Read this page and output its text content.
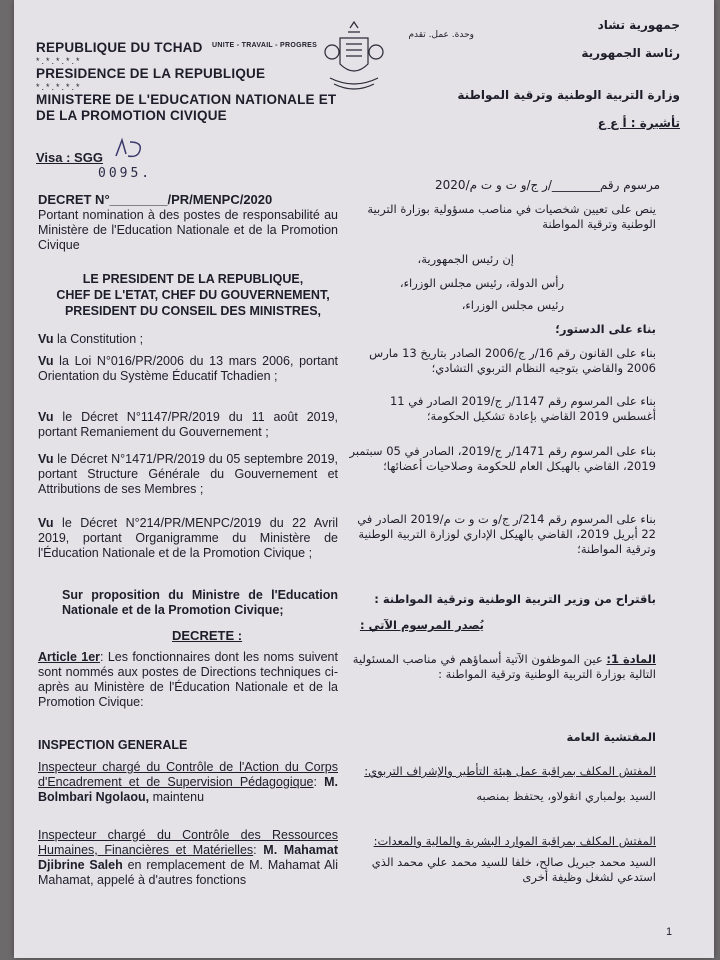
REPUBLIQUE DU TCHAD UNITE - TRAVAIL - PROGRES
*.*.*.*.*
PRESIDENCE DE LA REPUBLIQUE
*.*.*.*.*
MINISTERE DE L'EDUCATION NATIONALE ET
DE LA PROMOTION CIVIQUE
جمهورية تشاد
وحدة. عمل. تقدم
رئاسة الجمهورية
وزارة التربية الوطنية وترقية المواطنة
تأشيرة : أ ع ع
Visa : SGG
0095.
DECRET N°________/PR/MENPC/2020
مرسوم رقم________/ر ج/و ت و ت م/2020
Portant nomination à des postes de responsabilité au Ministère de l'Education Nationale et de la Promotion Civique
ينص على تعيين شخصيات في مناصب مسؤولية بوزارة التربية الوطنية وترقية المواطنة
LE PRESIDENT DE LA REPUBLIQUE,
CHEF DE L'ETAT, CHEF DU GOUVERNEMENT,
PRESIDENT DU CONSEIL DES MINISTRES,
إن رئيس الجمهورية،
رأس الدولة، رئيس مجلس الوزراء،
رئيس مجلس الوزراء،
Vu la Constitution ;
Vu la Loi N°016/PR/2006 du 13 mars 2006, portant Orientation du Système Éducatif Tchadien ;
Vu le Décret N°1147/PR/2019 du 11 août 2019, portant Remaniement du Gouvernement ;
Vu le Décret N°1471/PR/2019 du 05 septembre 2019, portant Structure Générale du Gouvernement et Attributions de ses Membres ;
Vu le Décret N°214/PR/MENPC/2019 du 22 Avril 2019, portant Organigramme du Ministère de l'Éducation Nationale et de la Promotion Civique ;
بناء على الدستور؛
بناء على القانون رقم 16/ر ج/2006 الصادر بتاريخ 13 مارس 2006 والقاضي بتوجيه النظام التربوي التشادي؛
بناء على المرسوم رقم 1147/ر ج/2019 الصادر في 11 أغسطس 2019 القاضي بإعادة تشكيل الحكومة؛
بناء على المرسوم رقم 1471/ر ج/2019، الصادر في 05 سبتمبر 2019، القاضي بالهيكل العام للحكومة وصلاحيات أعضائها؛
بناء على المرسوم رقم 214/ر ج/و ت و ت م/2019 الصادر في 22 أبريل 2019، القاضي بالهيكل الإداري لوزارة التربية الوطنية وترقية المواطنة؛
Sur proposition du Ministre de l'Education Nationale et de la Promotion Civique;
باقتراح من وزير التربية الوطنية وترقية المواطنة :
DECRETE :
يُصدر المرسوم الآتي :
Article 1er: Les fonctionnaires dont les noms suivent sont nommés aux postes de Directions techniques ci-après au Ministère de l'Éducation Nationale et de la Promotion Civique:
المادة 1: عين الموظفون الآتية أسماؤهم في مناصب المسئولية التالية بوزارة التربية الوطنية وترقية المواطنة :
INSPECTION GENERALE
المفتشية العامة
Inspecteur chargé du Contrôle de l'Action du Corps d'Encadrement et de Supervision Pédagogique: M. Bolmbari Ngolaou, maintenu
المفتش المكلف بمراقبة عمل هيئة التأطير والإشراف التربوي:
السيد بولمباري انقولاو، يحتفظ بمنصبه
Inspecteur chargé du Contrôle des Ressources Humaines, Financières et Matérielles: M. Mahamat Djibrine Saleh en remplacement de M. Mahamat Ali Mahamat, appelé à d'autres fonctions
المفتش المكلف بمراقبة الموارد البشرية والمالية والمعدات:
السيد محمد جبريل صالح، خلفا للسيد محمد علي محمد الذي استدعي لشغل وظيفة أخرى
1
